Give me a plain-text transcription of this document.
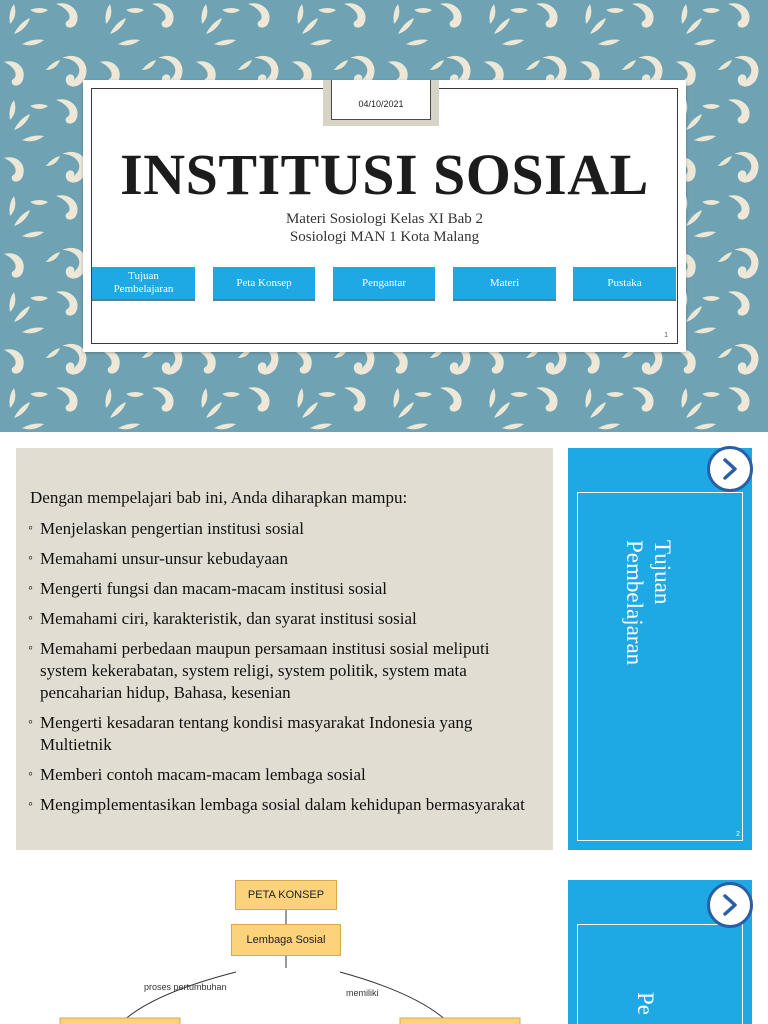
04/10/2021
INSTITUSI SOSIAL
Materi Sosiologi Kelas XI Bab 2
Sosiologi MAN 1 Kota Malang
Tujuan
Pembelajaran
Peta Konsep	Pengantar	Materi	Pustaka
1
Dengan mempelajari bab ini, Anda diharapkan mampu:
◦ Menjelaskan pengertian institusi sosial
◦ Memahami unsur-unsur kebudayaan
◦ Mengerti fungsi dan macam-macam institusi sosial
◦ Memahami ciri, karakteristik, dan syarat institusi sosial
◦ Memahami perbedaan maupun persamaan institusi sosial meliputi system kekerabatan, system religi, system politik, system mata pencaharian hidup, Bahasa, kesenian
◦ Mengerti kesadaran tentang kondisi masyarakat Indonesia yang Multietnik
◦ Memberi contoh macam-macam lembaga sosial
◦ Mengimplementasikan lembaga sosial dalam kehidupan bermasyarakat
Tujuan
Pembelajaran
2
PETA KONSEP
Lembaga Sosial
proses pertumbuhan
memiliki	Pe
